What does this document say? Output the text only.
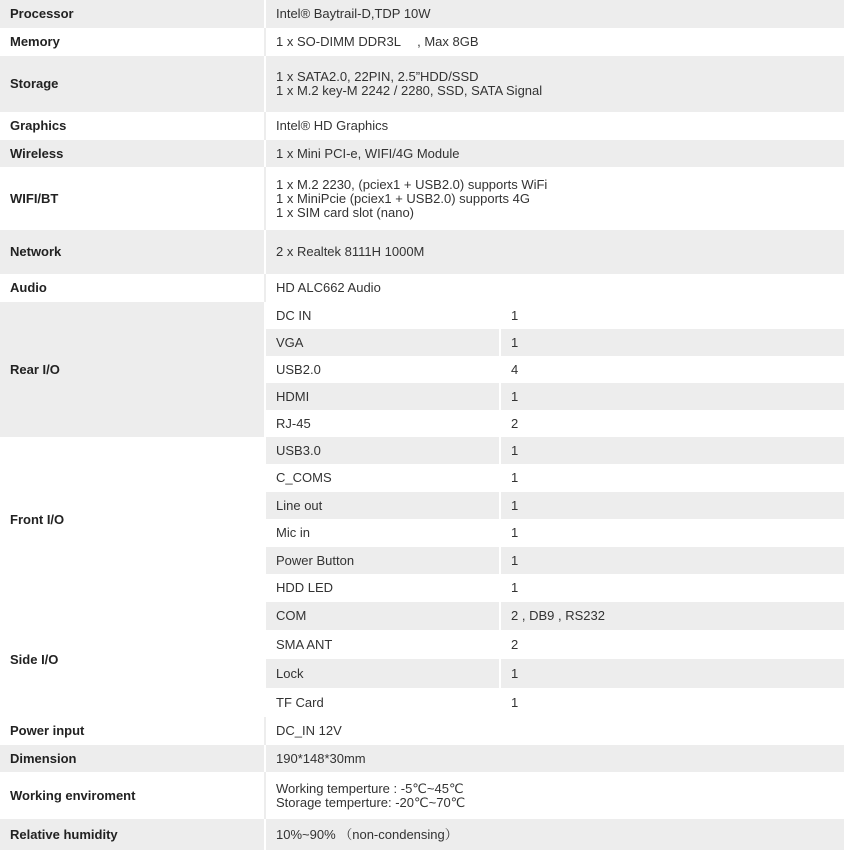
Processor	Intel® Baytrail-D,TDP 10W	
Memory	1 x SO-DIMM DDR3L 　, Max 8GB	
Storage	1 x SATA2.0, 22PIN, 2.5”HDD/SSD
1 x M.2 key-M 2242 / 2280, SSD, SATA Signal	

Graphics	Intel® HD Graphics	
Wireless	1 x Mini PCI-e, WIFI/4G Module	
WIFI/BT	1 x M.2 2230, (pciex1 + USB2.0) supports WiFi
1 x MiniPcie (pciex1 + USB2.0) supports 4G
1 x SIM card slot (nano)	

Network	2 x Realtek 8111H 1000M	
Audio	HD ALC662 Audio	
Rear I/O	DC IN	1
	VGA	1
	USB2.0	4
	HDMI	1
	RJ-45	2
Front I/O	USB3.0	1
	C_COMS	1
	Line out	1
	Mic in	1
	Power Button	1
	HDD LED	1
Side I/O	COM	2 , DB9 , RS232
	SMA ANT	2
	Lock	1
	TF Card	1
Power input	DC_IN 12V	
Dimension	190*148*30mm	
Working enviroment	Working temperture : -5℃~45℃
Storage temperture: -20℃~70℃	

Relative humidity	10%~90% （non-condensing）	
